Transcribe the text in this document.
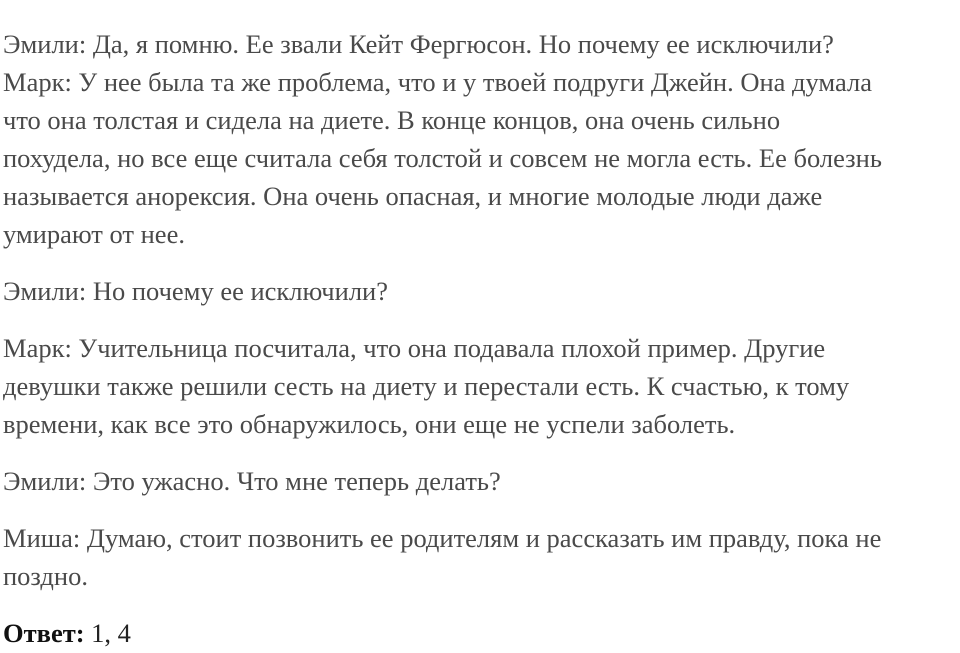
Эмили: Да, я помню. Ее звали Кейт Фергюсон. Но почему ее исключили?
Марк: У нее была та же проблема, что и у твоей подруги Джейн. Она думала
что она толстая и сидела на диете. В конце концов, она очень сильно
похудела, но все еще считала себя толстой и совсем не могла есть. Ее болезнь
называется анорексия. Она очень опасная, и многие молодые люди даже
умирают от нее.

Эмили: Но почему ее исключили?

Марк: Учительница посчитала, что она подавала плохой пример. Другие
девушки также решили сесть на диету и перестали есть. К счастью, к тому
времени, как все это обнаружилось, они еще не успели заболеть.

Эмили: Это ужасно. Что мне теперь делать?

Миша: Думаю, стоит позвонить ее родителям и рассказать им правду, пока не
поздно.

Ответ: 1, 4
